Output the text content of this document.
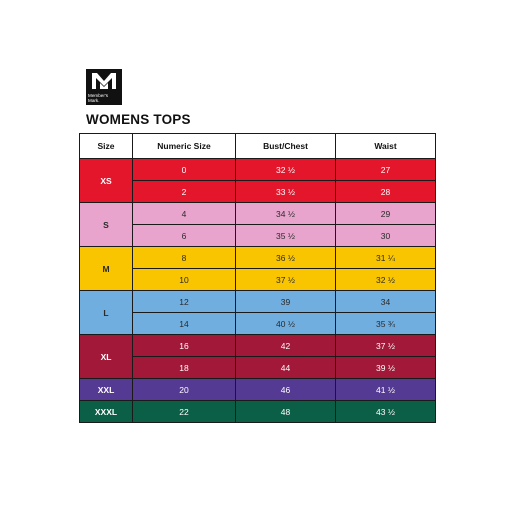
Member's
Mark.
WOMENS TOPS
Size	Numeric Size	Bust/Chest	Waist
XS	0	32 ½	27
	2	33 ½	28
S	4	34 ½	29
	6	35 ½	30
M	8	36 ½	31 ¼
	10	37 ½	32 ½
L	12	39	34
	14	40 ½	35 ¾
XL	16	42	37 ½
	18	44	39 ½
XXL	20	46	41 ½
XXXL	22	48	43 ½
